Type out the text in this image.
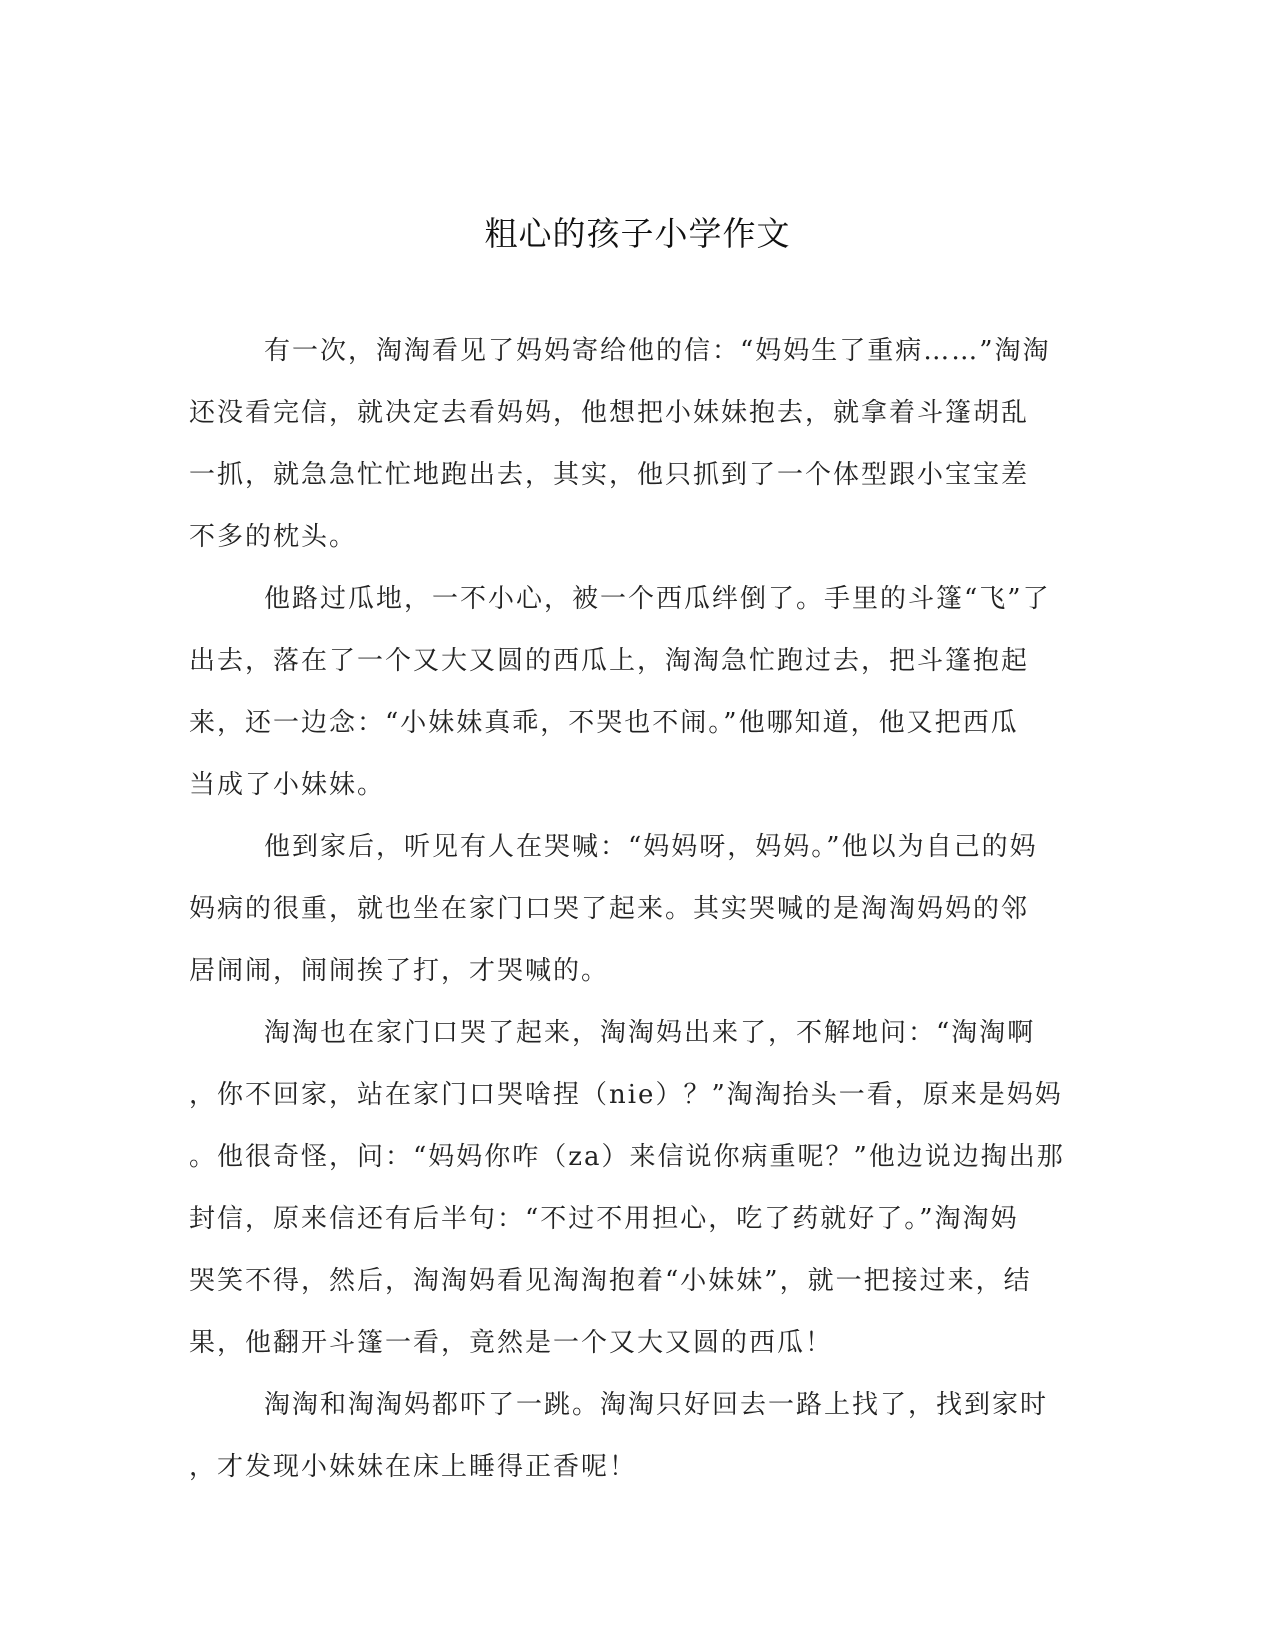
粗心的孩子小学作文
有一次，淘淘看见了妈妈寄给他的信：“妈妈生了重病……”淘淘
还没看完信，就决定去看妈妈，他想把小妹妹抱去，就拿着斗篷胡乱
一抓，就急急忙忙地跑出去，其实，他只抓到了一个体型跟小宝宝差
不多的枕头。
他路过瓜地，一不小心，被一个西瓜绊倒了。手里的斗篷“飞”了
出去，落在了一个又大又圆的西瓜上，淘淘急忙跑过去，把斗篷抱起
来，还一边念：“小妹妹真乖，不哭也不闹。”他哪知道，他又把西瓜
当成了小妹妹。
他到家后，听见有人在哭喊：“妈妈呀，妈妈。”他以为自己的妈
妈病的很重，就也坐在家门口哭了起来。其实哭喊的是淘淘妈妈的邻
居闹闹，闹闹挨了打，才哭喊的。
淘淘也在家门口哭了起来，淘淘妈出来了，不解地问：“淘淘啊
，你不回家，站在家门口哭啥捏（nie）？”淘淘抬头一看，原来是妈妈
。他很奇怪，问：“妈妈你咋（za）来信说你病重呢？”他边说边掏出那
封信，原来信还有后半句：“不过不用担心，吃了药就好了。”淘淘妈
哭笑不得，然后，淘淘妈看见淘淘抱着“小妹妹”，就一把接过来，结
果，他翻开斗篷一看，竟然是一个又大又圆的西瓜！
淘淘和淘淘妈都吓了一跳。淘淘只好回去一路上找了，找到家时
，才发现小妹妹在床上睡得正香呢！
